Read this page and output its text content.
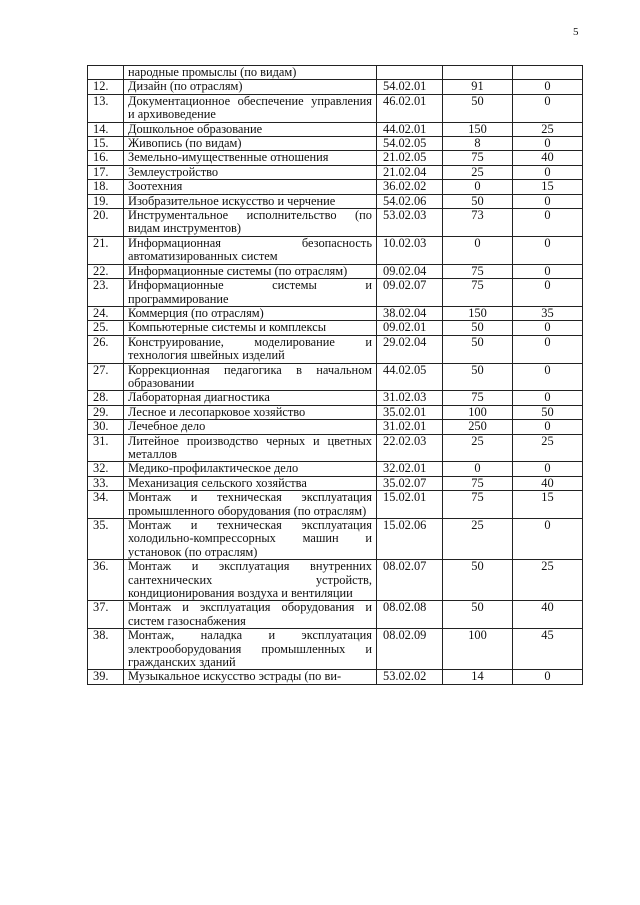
5
	народные промыслы (по видам)			
12.	Дизайн (по отраслям)	54.02.01	91	0
13.	Документационное обеспечение управления и архивоведение	46.02.01	50	0
14.	Дошкольное образование	44.02.01	150	25
15.	Живопись (по видам)	54.02.05	8	0
16.	Земельно-имущественные отношения	21.02.05	75	40
17.	Землеустройство	21.02.04	25	0
18.	Зоотехния	36.02.02	0	15
19.	Изобразительное искусство и черчение	54.02.06	50	0
20.	Инструментальное исполнительство (по видам инструментов)	53.02.03	73	0
21.	Информационная безопасность автоматизированных систем	10.02.03	0	0
22.	Информационные системы (по отраслям)	09.02.04	75	0
23.	Информационные системы и программирование	09.02.07	75	0
24.	Коммерция (по отраслям)	38.02.04	150	35
25.	Компьютерные системы и комплексы	09.02.01	50	0
26.	Конструирование, моделирование и технология швейных изделий	29.02.04	50	0
27.	Коррекционная педагогика в начальном образовании	44.02.05	50	0
28.	Лабораторная диагностика	31.02.03	75	0
29.	Лесное и лесопарковое хозяйство	35.02.01	100	50
30.	Лечебное дело	31.02.01	250	0
31.	Литейное производство черных и цветных металлов	22.02.03	25	25
32.	Медико-профилактическое дело	32.02.01	0	0
33.	Механизация сельского хозяйства	35.02.07	75	40
34.	Монтаж и техническая эксплуатация промышленного оборудования (по отраслям)	15.02.01	75	15
35.	Монтаж и техническая эксплуатация холодильно-компрессорных машин и установок (по отраслям)	15.02.06	25	0
36.	Монтаж и эксплуатация внутренних сантехнических устройств, кондиционирования воздуха и вентиляции	08.02.07	50	25
37.	Монтаж и эксплуатация оборудования и систем газоснабжения	08.02.08	50	40
38.	Монтаж, наладка и эксплуатация электрооборудования промышленных и гражданских зданий	08.02.09	100	45
39.	Музыкальное искусство эстрады (по ви-	53.02.02	14	0
